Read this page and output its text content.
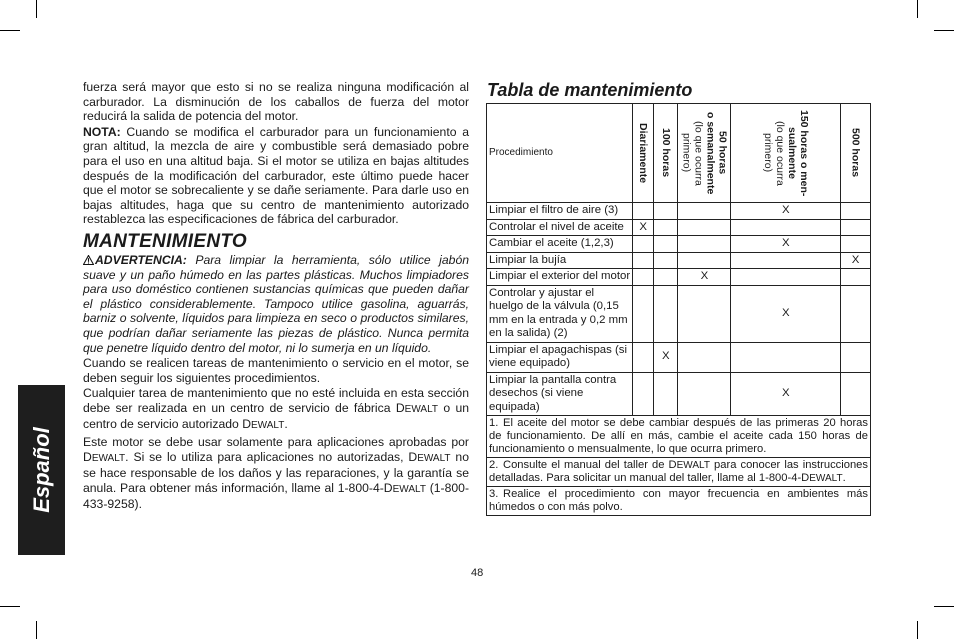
Español

fuerza será mayor que esto si no se realiza ninguna modificación al carburador. La disminución de los caballos de fuerza del motor reducirá la salida de potencia del motor.

NOTA: Cuando se modifica el carburador para un funcionamiento a gran altitud, la mezcla de aire y combustible será demasiado pobre para el uso en una altitud baja. Si el motor se utiliza en bajas altitudes después de la modificación del carburador, este último puede hacer que el motor se sobrecaliente y se dañe seriamente. Para darle uso en bajas altitudes, haga que su centro de mantenimiento autorizado restablezca las especificaciones de fábrica del carburador.

MANTENIMIENTO

ADVERTENCIA: Para limpiar la herramienta, sólo utilice jabón suave y un paño húmedo en las partes plásticas. Muchos limpiadores para uso doméstico contienen sustancias químicas que pueden dañar el plástico considerablemente. Tampoco utilice gasolina, aguarrás, barniz o solvente, líquidos para limpieza en seco o productos similares, que podrían dañar seriamente las piezas de plástico. Nunca permita que penetre líquido dentro del motor, ni lo sumerja en un líquido.

Cuando se realicen tareas de mantenimiento o servicio en el motor, se deben seguir los siguientes procedimientos.

Cualquier tarea de mantenimiento que no esté incluida en esta sección debe ser realizada en un centro de servicio de fábrica DEWALT o un centro de servicio autorizado DEWALT.

Este motor se debe usar solamente para aplicaciones aprobadas por DEWALT. Si se lo utiliza para aplicaciones no autorizadas, DEWALT no se hace responsable de los daños y las reparaciones, y la garantía se anula. Para obtener más información, llame al 1-800-4-DEWALT (1-800-433-9258).

Tabla de mantenimiento
Procedimiento	Diariamente	100 horas	50 horas
o semanalmente
(lo que ocurra
primero)	150 horas o men-
sualmente
(lo que ocurra
primero)	500 horas

Limpiar el filtro de aire (3)				X	
Controlar el nivel de aceite	X				
Cambiar el aceite (1,2,3)				X	
Limpiar la bujía					X
Limpiar el exterior del motor			X		
Controlar y ajustar el huelgo de la válvula (0,15 mm en la entrada y 0,2 mm en la salida) (2)				X	
Limpiar el apagachispas (si viene equipado)		X			
Limpiar la pantalla contra desechos (si viene equipada)				X	
1. El aceite del motor se debe cambiar después de las primeras 20 horas de funcionamiento. De allí en más, cambie el aceite cada 150 horas de funcionamiento o mensualmente, lo que ocurra primero.					
2. Consulte el manual del taller de DEWALT para conocer las instrucciones detalladas. Para solicitar un manual del taller, llame al 1-800-4-DEWALT.					
3. Realice el procedimiento con mayor frecuencia en ambientes más húmedos o con más polvo.					
48
